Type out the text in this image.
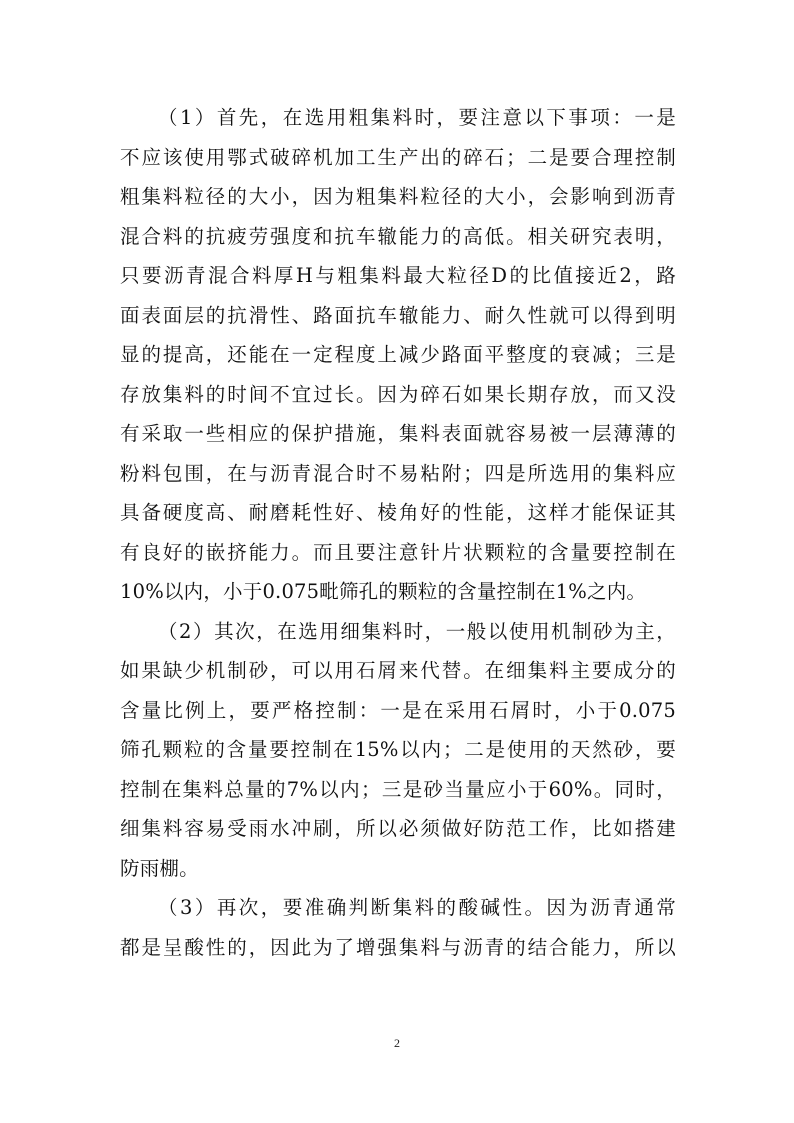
（1）首先，在选用粗集料时，要注意以下事项：一是
不应该使用鄂式破碎机加工生产出的碎石；二是要合理控制
粗集料粒径的大小，因为粗集料粒径的大小，会影响到沥青
混合料的抗疲劳强度和抗车辙能力的高低。相关研究表明，
只要沥青混合料厚H与粗集料最大粒径D的比值接近2，路
面表面层的抗滑性、路面抗车辙能力、耐久性就可以得到明
显的提高，还能在一定程度上减少路面平整度的衰减；三是
存放集料的时间不宜过长。因为碎石如果长期存放，而又没
有采取一些相应的保护措施，集料表面就容易被一层薄薄的
粉料包围，在与沥青混合时不易粘附；四是所选用的集料应
具备硬度高、耐磨耗性好、棱角好的性能，这样才能保证其
有良好的嵌挤能力。而且要注意针片状颗粒的含量要控制在
10%以内，小于0.075毗筛孔的颗粒的含量控制在1%之内。

（2）其次，在选用细集料时，一般以使用机制砂为主，
如果缺少机制砂，可以用石屑来代替。在细集料主要成分的
含量比例上，要严格控制：一是在采用石屑时，小于0.075
筛孔颗粒的含量要控制在15%以内；二是使用的天然砂，要
控制在集料总量的7%以内；三是砂当量应小于60%。同时，
细集料容易受雨水冲刷，所以必须做好防范工作，比如搭建
防雨棚。

（3）再次，要准确判断集料的酸碱性。因为沥青通常
都是呈酸性的，因此为了增强集料与沥青的结合能力，所以

2
